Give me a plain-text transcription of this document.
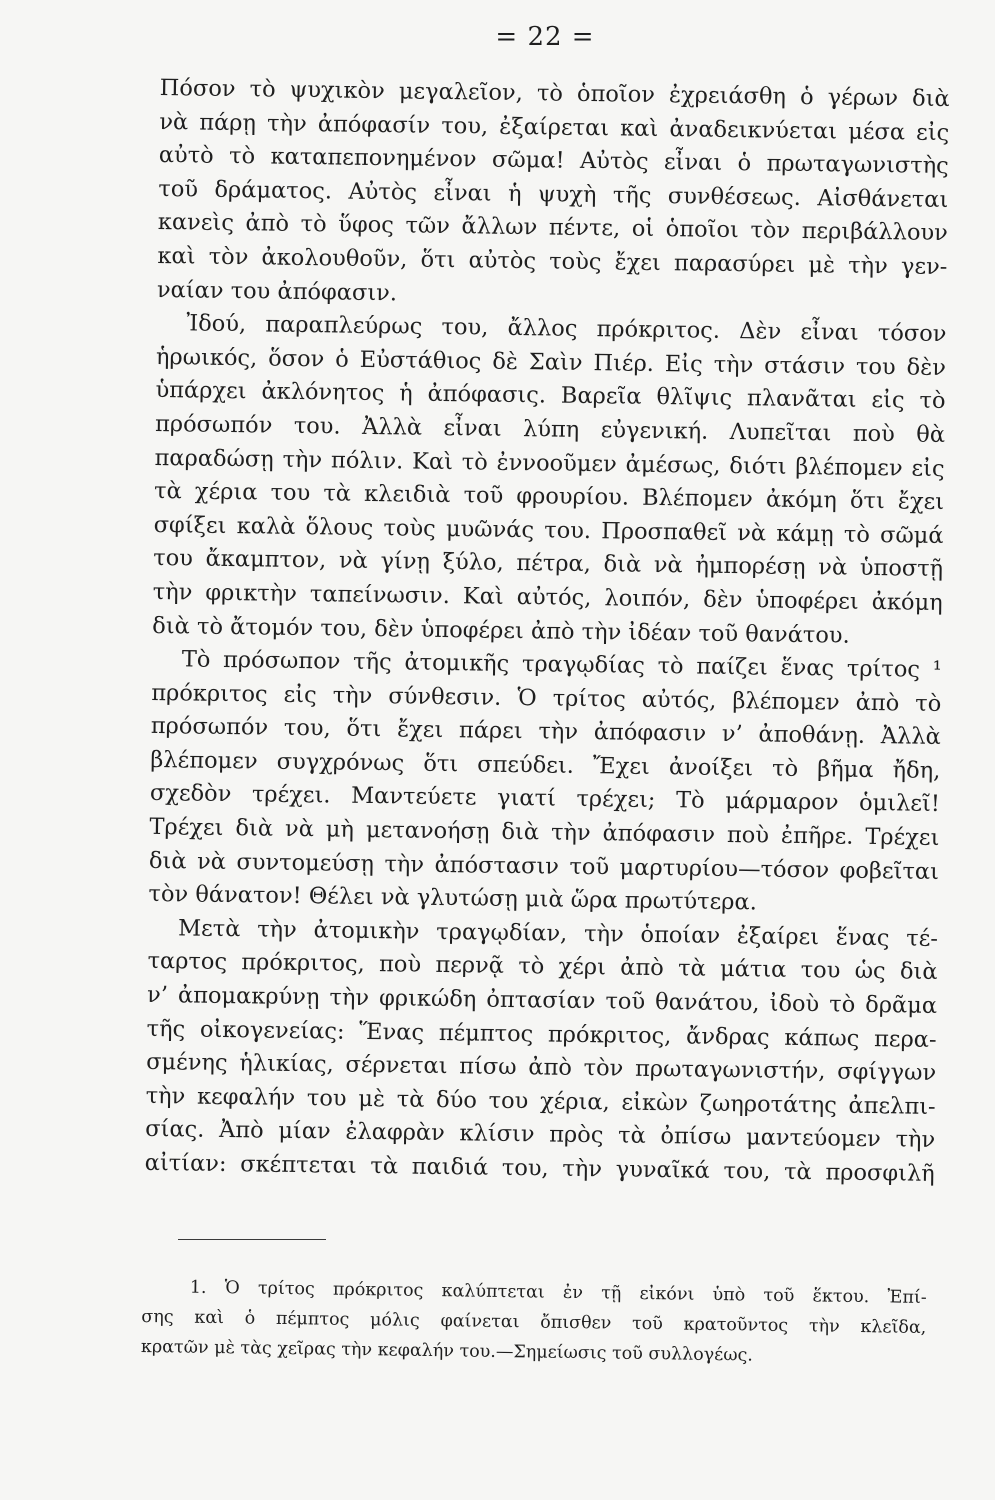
= 22 =
Πόσον τὸ ψυχικὸν μεγαλεῖον, τὸ ὁποῖον ἐχρειάσθη ὁ γέρων διὰ
νὰ πάρῃ τὴν ἀπόφασίν του, ἐξαίρεται καὶ ἀναδεικνύεται μέσα εἰς
αὐτὸ τὸ καταπεπονημένον σῶμα! Αὐτὸς εἶναι ὁ πρωταγωνιστὴς
τοῦ δράματος. Αὐτὸς εἶναι ἡ ψυχὴ τῆς συνθέσεως. Αἰσθάνεται
κανεὶς ἀπὸ τὸ ὕφος τῶν ἄλλων πέντε, οἱ ὁποῖοι τὸν περιβάλλουν
καὶ τὸν ἀκολουθοῦν, ὅτι αὐτὸς τοὺς ἔχει παρασύρει μὲ τὴν γεν-
ναίαν του ἀπόφασιν.
Ἰδού, παραπλεύρως του, ἄλλος πρόκριτος. Δὲν εἶναι τόσον
ἡρωικός, ὅσον ὁ Εὐστάθιος δὲ Σαὶν Πιέρ. Εἰς τὴν στάσιν του δὲν
ὑπάρχει ἀκλόνητος ἡ ἀπόφασις. Βαρεῖα θλῖψις πλανᾶται εἰς τὸ
πρόσωπόν του. Ἀλλὰ εἶναι λύπη εὐγενική. Λυπεῖται ποὺ θὰ
παραδώσῃ τὴν πόλιν. Καὶ τὸ ἐννοοῦμεν ἀμέσως, διότι βλέπομεν εἰς
τὰ χέρια του τὰ κλειδιὰ τοῦ φρουρίου. Βλέπομεν ἀκόμη ὅτι ἔχει
σφίξει καλὰ ὅλους τοὺς μυῶνάς του. Προσπαθεῖ νὰ κάμῃ τὸ σῶμά
του ἄκαμπτον, νὰ γίνῃ ξύλο, πέτρα, διὰ νὰ ἠμπορέσῃ νὰ ὑποστῇ
τὴν φρικτὴν ταπείνωσιν. Καὶ αὐτός, λοιπόν, δὲν ὑποφέρει ἀκόμη
διὰ τὸ ἄτομόν του, δὲν ὑποφέρει ἀπὸ τὴν ἰδέαν τοῦ θανάτου.
Τὸ πρόσωπον τῆς ἀτομικῆς τραγῳδίας τὸ παίζει ἕνας τρίτος ¹
πρόκριτος εἰς τὴν σύνθεσιν. Ὁ τρίτος αὐτός, βλέπομεν ἀπὸ τὸ
πρόσωπόν του, ὅτι ἔχει πάρει τὴν ἀπόφασιν ν’ ἀποθάνῃ. Ἀλλὰ
βλέπομεν συγχρόνως ὅτι σπεύδει. Ἔχει ἀνοίξει τὸ βῆμα ἤδη,
σχεδὸν τρέχει. Μαντεύετε γιατί τρέχει; Τὸ μάρμαρον ὁμιλεῖ!
Τρέχει διὰ νὰ μὴ μετανοήσῃ διὰ τὴν ἀπόφασιν ποὺ ἐπῆρε. Τρέχει
διὰ νὰ συντομεύσῃ τὴν ἀπόστασιν τοῦ μαρτυρίου—τόσον φοβεῖται
τὸν θάνατον! Θέλει νὰ γλυτώσῃ μιὰ ὥρα πρωτύτερα.
Μετὰ τὴν ἀτομικὴν τραγῳδίαν, τὴν ὁποίαν ἐξαίρει ἕνας τέ-
ταρτος πρόκριτος, ποὺ περνᾷ τὸ χέρι ἀπὸ τὰ μάτια του ὡς διὰ
ν’ ἀπομακρύνῃ τὴν φρικώδη ὀπτασίαν τοῦ θανάτου, ἰδοὺ τὸ δρᾶμα
τῆς οἰκογενείας: Ἕνας πέμπτος πρόκριτος, ἄνδρας κάπως περα-
σμένης ἡλικίας, σέρνεται πίσω ἀπὸ τὸν πρωταγωνιστήν, σφίγγων
τὴν κεφαλήν του μὲ τὰ δύο του χέρια, εἰκὼν ζωηροτάτης ἀπελπι-
σίας. Ἀπὸ μίαν ἐλαφρὰν κλίσιν πρὸς τὰ ὀπίσω μαντεύομεν τὴν
αἰτίαν: σκέπτεται τὰ παιδιά του, τὴν γυναῖκά του, τὰ προσφιλῆ
1. Ὁ τρίτος πρόκριτος καλύπτεται ἐν τῇ εἰκόνι ὑπὸ τοῦ ἕκτου. Ἐπί-
σης καὶ ὁ πέμπτος μόλις φαίνεται ὄπισθεν τοῦ κρατοῦντος τὴν κλεῖδα,
κρατῶν μὲ τὰς χεῖρας τὴν κεφαλήν του.—Σημείωσις τοῦ συλλογέως.
